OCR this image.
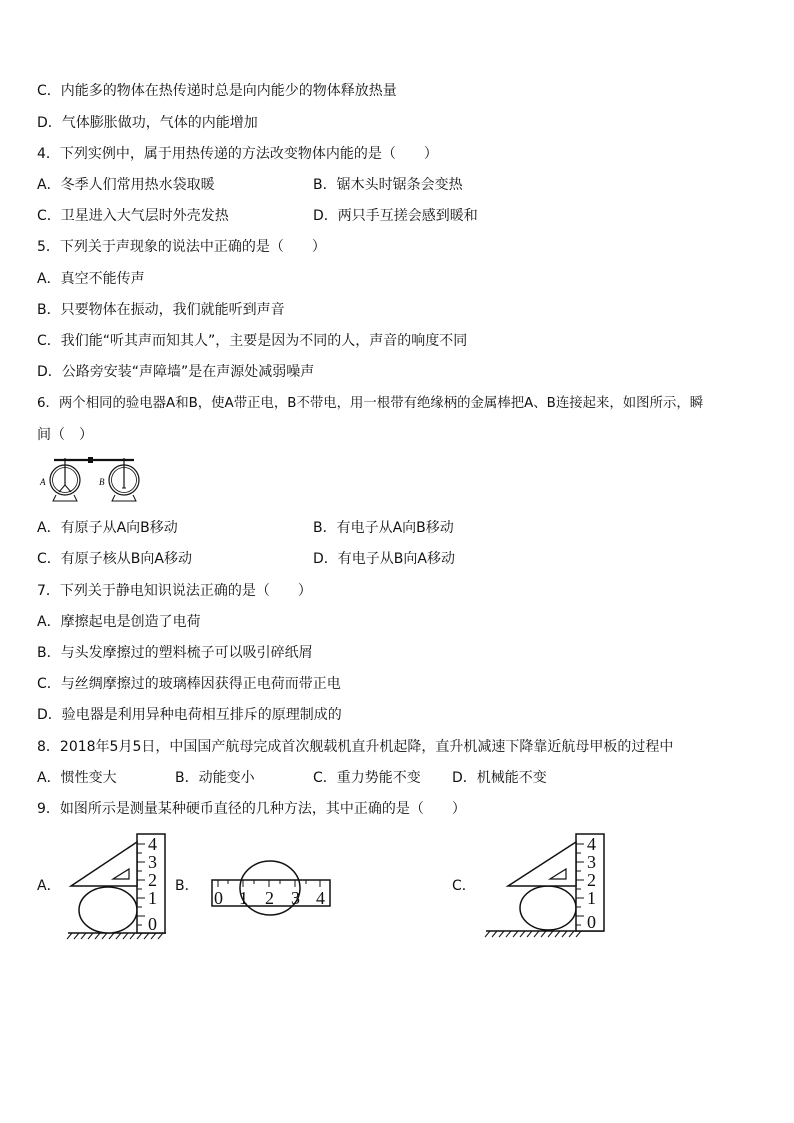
C．内能多的物体在热传递时总是向内能少的物体释放热量
D．气体膨胀做功，气体的内能增加
4．下列实例中，属于用热传递的方法改变物体内能的是（　　）
A．冬季人们常用热水袋取暖	B．锯木头时锯条会变热
C．卫星进入大气层时外壳发热	D．两只手互搓会感到暖和
5．下列关于声现象的说法中正确的是（　　）
A．真空不能传声
B．只要物体在振动，我们就能听到声音
C．我们能“听其声而知其人”，主要是因为不同的人，声音的响度不同
D．公路旁安装“声障墙”是在声源处减弱噪声
6．两个相同的验电器A和B，使A带正电，B不带电，用一根带有绝缘柄的金属棒把A、B连接起来，如图所示，瞬
间（　）
A	B
A．有原子从A向B移动	B．有电子从A向B移动
C．有原子核从B向A移动	D．有电子从B向A移动
7．下列关于静电知识说法正确的是（　　）
A．摩擦起电是创造了电荷
B．与头发摩擦过的塑料梳子可以吸引碎纸屑
C．与丝绸摩擦过的玻璃棒因获得正电荷而带正电
D．验电器是利用异种电荷相互排斥的原理制成的
8．2018年5月5日，中国国产航母完成首次舰载机直升机起降，直升机减速下降靠近航母甲板的过程中
A．惯性变大	B．动能变小	C．重力势能不变 D．机械能不变
9．如图所示是测量某种硬币直径的几种方法，其中正确的是（　　）
A．	B．	C．
4
3
2
1
0
0 1 2 3 4
4
3
2
1
0
